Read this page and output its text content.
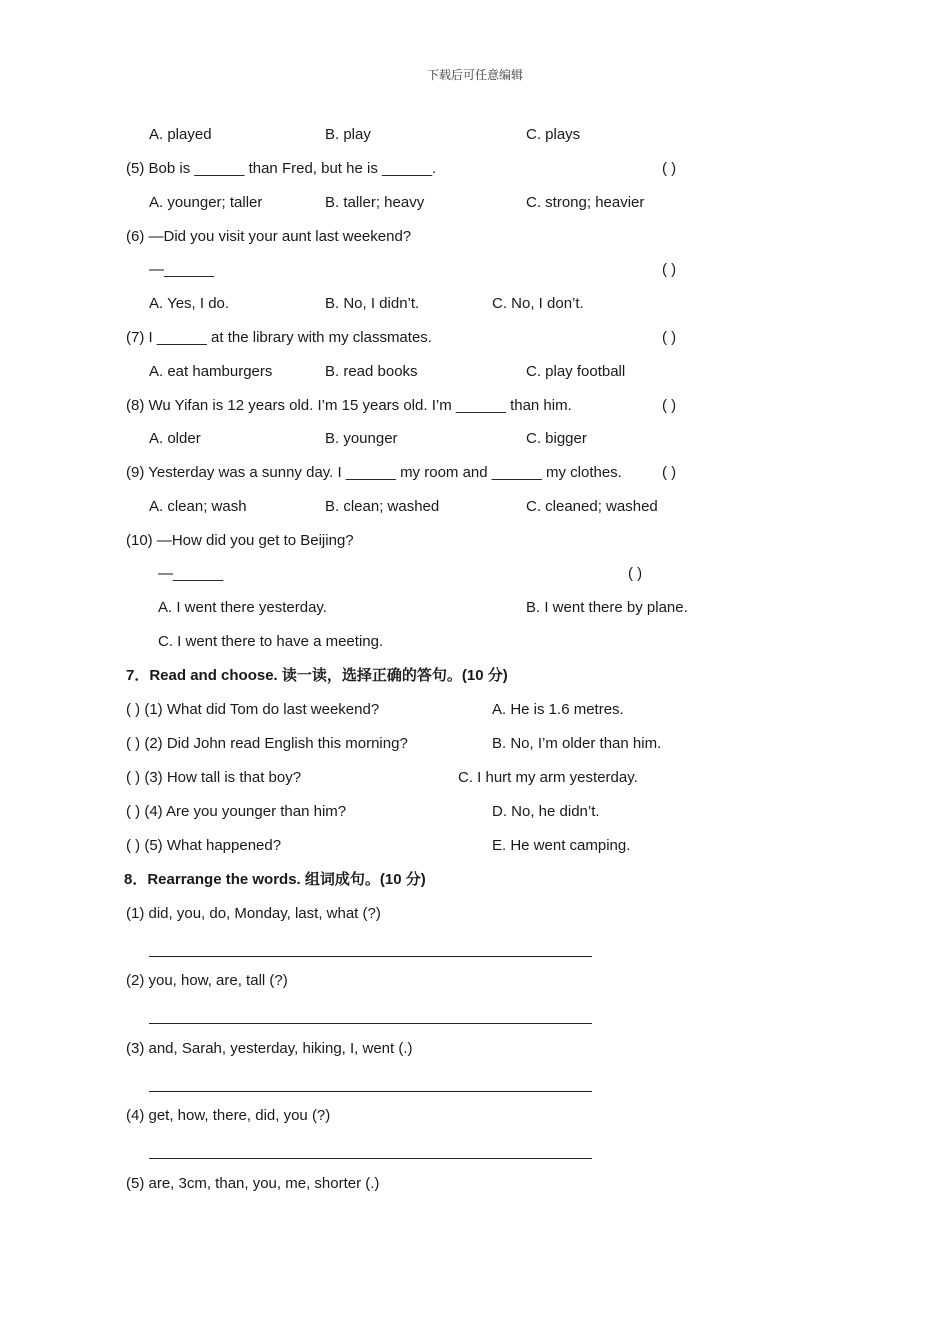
下载后可任意编辑
A. played	B. play	C. plays
(5) Bob is ______ than Fred, but he is ______.	( )
A. younger; taller	B. taller; heavy	C. strong; heavier
(6) —Did you visit your aunt last weekend?
—______	( )
A. Yes, I do.	B. No, I didn’t.	C. No, I don’t.
(7) I ______ at the library with my classmates.	( )
A. eat hamburgers	B. read books	C. play football
(8) Wu Yifan is 12 years old. I’m 15 years old. I’m ______ than him.	( )
A. older	B. younger	C. bigger
(9) Yesterday was a sunny day. I ______ my room and ______ my clothes.	( )
A. clean; wash	B. clean; washed	C. cleaned; washed
(10) —How did you get to Beijing?
—______	( )
A. I went there yesterday.	B. I went there by plane.
C. I went there to have a meeting.
7．Read and choose. 读一读，选择正确的答句。(10 分)
( ) (1) What did Tom do last weekend?	A. He is 1.6 metres.
( ) (2) Did John read English this morning?	B. No, I’m older than him.
( ) (3) How tall is that boy?	C. I hurt my arm yesterday.
( ) (4) Are you younger than him?	D. No, he didn’t.
( ) (5) What happened?	E. He went camping.
8．Rearrange the words. 组词成句。(10 分)
(1) did, you, do, Monday, last, what (?)
(2) you, how, are, tall (?)
(3) and, Sarah, yesterday, hiking, I, went (.)
(4) get, how, there, did, you (?)
(5) are, 3cm, than, you, me, shorter (.)
